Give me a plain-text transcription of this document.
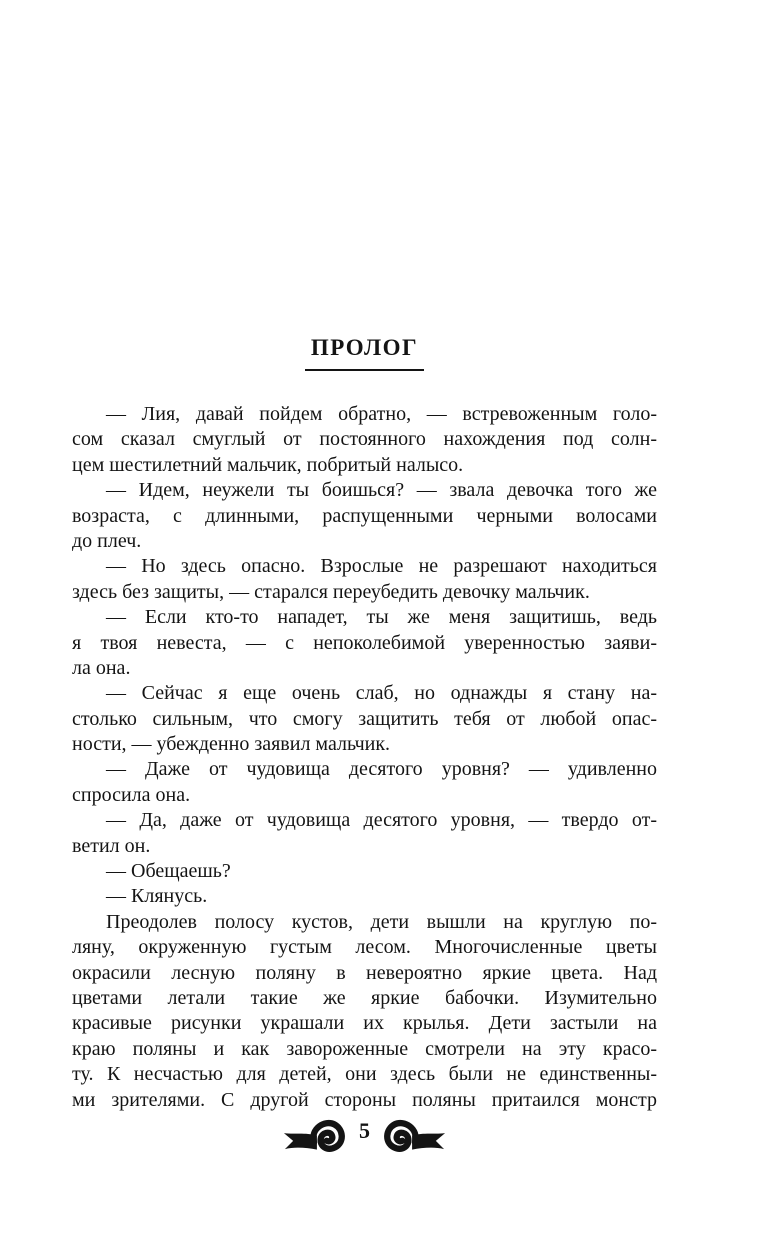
ПРОЛОГ
— Лия, давай пойдем обратно, — встревоженным голо-
сом сказал смуглый от постоянного нахождения под солн-
цем шестилетний мальчик, побритый налысо.
— Идем, неужели ты боишься? — звала девочка того же
возраста, с длинными, распущенными черными волосами
до плеч.
— Но здесь опасно. Взрослые не разрешают находиться
здесь без защиты, — старался переубедить девочку мальчик.
— Если кто-то нападет, ты же меня защитишь, ведь
я твоя невеста, — с непоколебимой уверенностью заяви-
ла она.
— Сейчас я еще очень слаб, но однажды я стану на-
столько сильным, что смогу защитить тебя от любой опас-
ности, — убежденно заявил мальчик.
— Даже от чудовища десятого уровня? — удивленно
спросила она.
— Да, даже от чудовища десятого уровня, — твердо от-
ветил он.
— Обещаешь?
— Клянусь.
Преодолев полосу кустов, дети вышли на круглую по-
ляну, окруженную густым лесом. Многочисленные цветы
окрасили лесную поляну в невероятно яркие цвета. Над
цветами летали такие же яркие бабочки. Изумительно
красивые рисунки украшали их крылья. Дети застыли на
краю поляны и как завороженные смотрели на эту красо-
ту. К несчастью для детей, они здесь были не единственны-
ми зрителями. С другой стороны поляны притаился монстр
5
